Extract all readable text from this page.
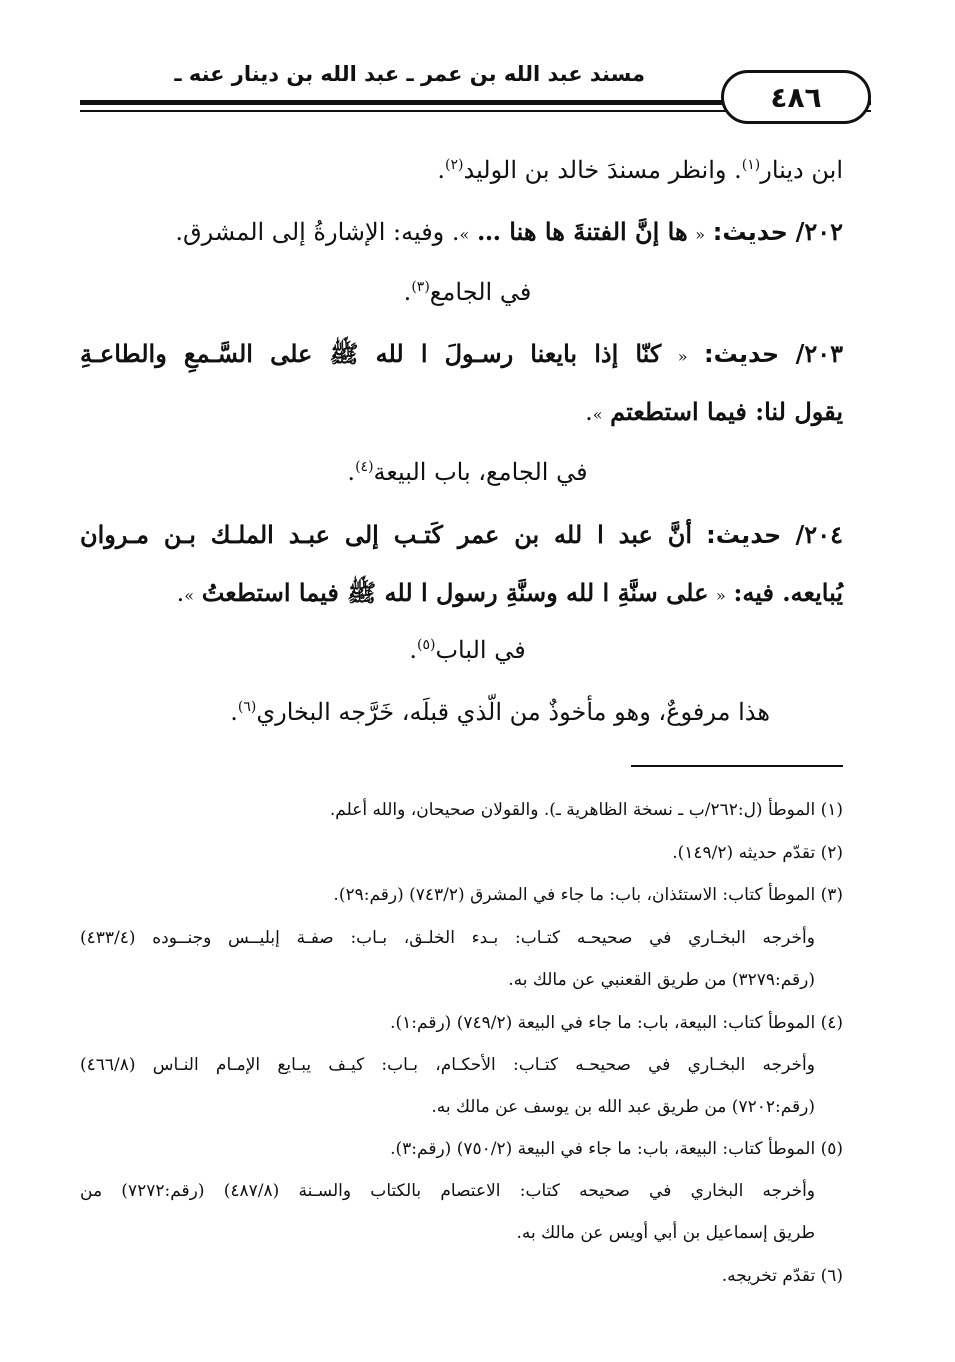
مسند عبد الله بن عمر ـ عبد الله بن دينار عنه ـ
٤٨٦
ابن دينار$^{(١)}$. وانظر مسندَ خالد بن الوليد$^{(٢)}$.
٢٠٢/ حديث: « ها إنَّ الفتنةَ ها هنا … ». وفيه: الإشارةُ إلى المشرق.
في الجامع$^{(٣)}$.
٢٠٣/ حديث: « كنّا إذا بايعنا رسـولَ ا لله ﷺ على السَّـمعِ والطاعـةِ
يقول لنا: فيما استطعتم ».
في الجامع، باب البيعة$^{(٤)}$.
٢٠٤/ حديث: أنَّ عبد ا لله بن عمر كَتـب إلى عبـد الملـك بـن مـروان
يُبايعه. فيه: « على سنَّةِ ا لله وسنَّةِ رسول ا لله ﷺ فيما استطعتُ ».
في الباب$^{(٥)}$.
هذا مرفوعٌ، وهو مأخوذٌ من الّذي قبلَه، خَرَّجه البخاري$^{(٦)}$.
(١) الموطأ (ل:٢٦٢/ب ـ نسخة الظاهرية ـ). والقولان صحيحان، والله أعلم.
(٢) تقدّم حديثه (١٤٩/٢).
(٣) الموطأ كتاب: الاستئذان، باب: ما جاء في المشرق (٧٤٣/٢) (رقم:٢٩).
وأخرجه البخـاري في صحيحـه كتـاب: بـدء الخلـق، بـاب: صفـة إبليــس وجنــوده (٤٣٣/٤)
(رقم:٣٢٧٩) من طريق القعنبي عن مالك به.
(٤) الموطأ كتاب: البيعة، باب: ما جاء في البيعة (٧٤٩/٢) (رقم:١).
وأخرجه البخـاري في صحيحـه كتـاب: الأحكـام، بـاب: كيـف يبـايع الإمـام النـاس (٤٦٦/٨)
(رقم:٧٢٠٢) من طريق عبد الله بن يوسف عن مالك به.
(٥) الموطأ كتاب: البيعة، باب: ما جاء في البيعة (٧٥٠/٢) (رقم:٣).
وأخرجه البخاري في صحيحه كتاب: الاعتصام بالكتاب والسـنة (٤٨٧/٨) (رقم:٧٢٧٢) من
طريق إسماعيل بن أبي أويس عن مالك به.
(٦) تقدّم تخريجه.
